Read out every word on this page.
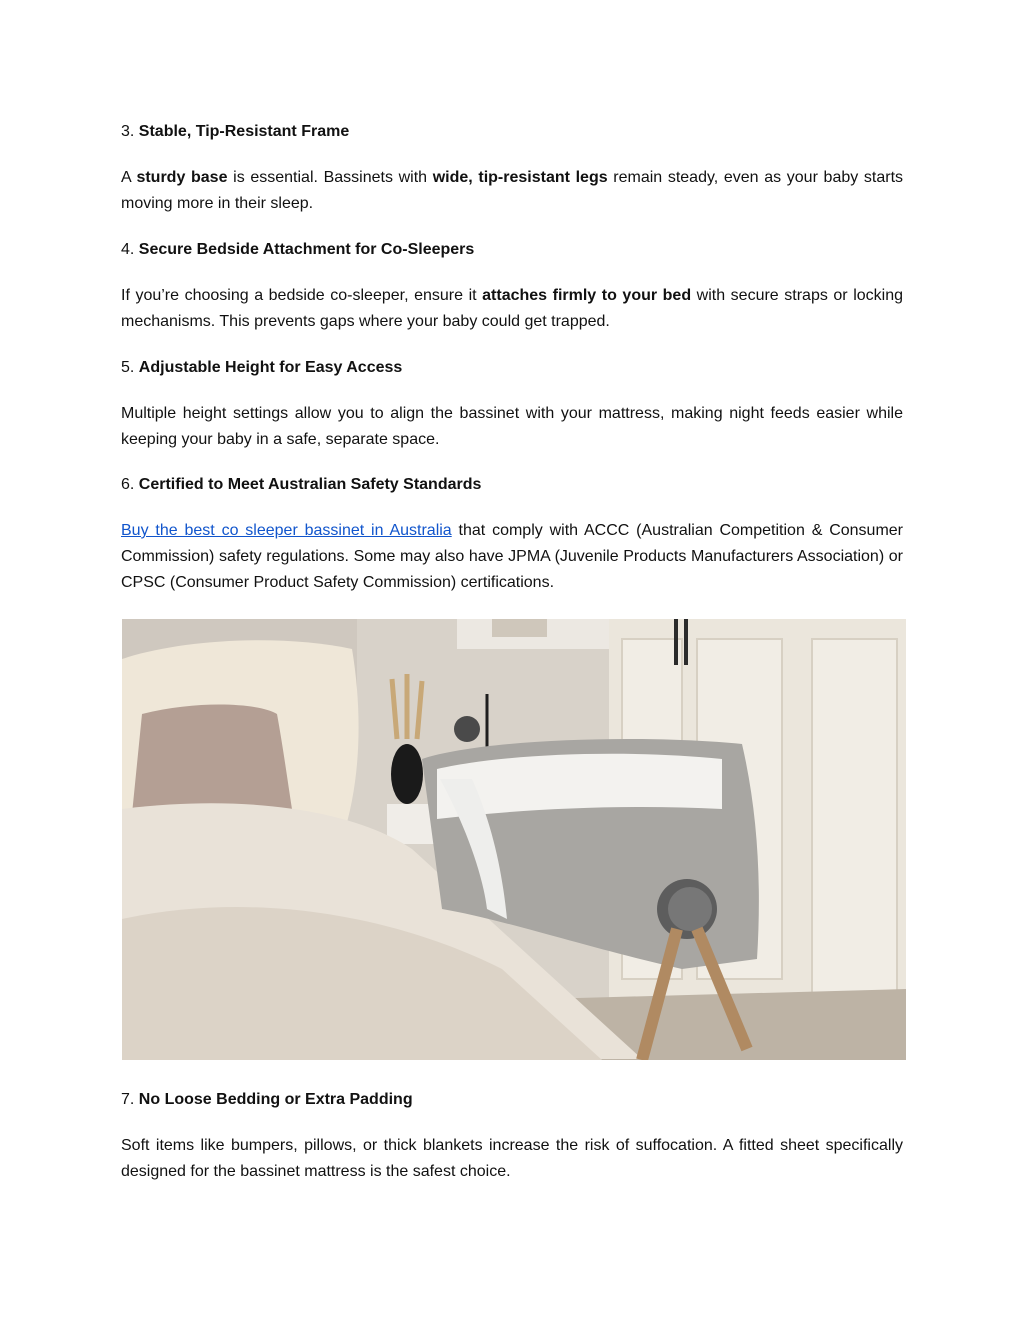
3. Stable, Tip-Resistant Frame

A sturdy base is essential. Bassinets with wide, tip-resistant legs remain steady, even as your baby starts moving more in their sleep.

4. Secure Bedside Attachment for Co-Sleepers

If you’re choosing a bedside co-sleeper, ensure it attaches firmly to your bed with secure straps or locking mechanisms. This prevents gaps where your baby could get trapped.

5. Adjustable Height for Easy Access

Multiple height settings allow you to align the bassinet with your mattress, making night feeds easier while keeping your baby in a safe, separate space.

6. Certified to Meet Australian Safety Standards

Buy the best co sleeper bassinet in Australia that comply with ACCC (Australian Competition & Consumer Commission) safety regulations. Some may also have JPMA (Juvenile Products Manufacturers Association) or CPSC (Consumer Product Safety Commission) certifications.

7. No Loose Bedding or Extra Padding

Soft items like bumpers, pillows, or thick blankets increase the risk of suffocation. A fitted sheet specifically designed for the bassinet mattress is the safest choice.
